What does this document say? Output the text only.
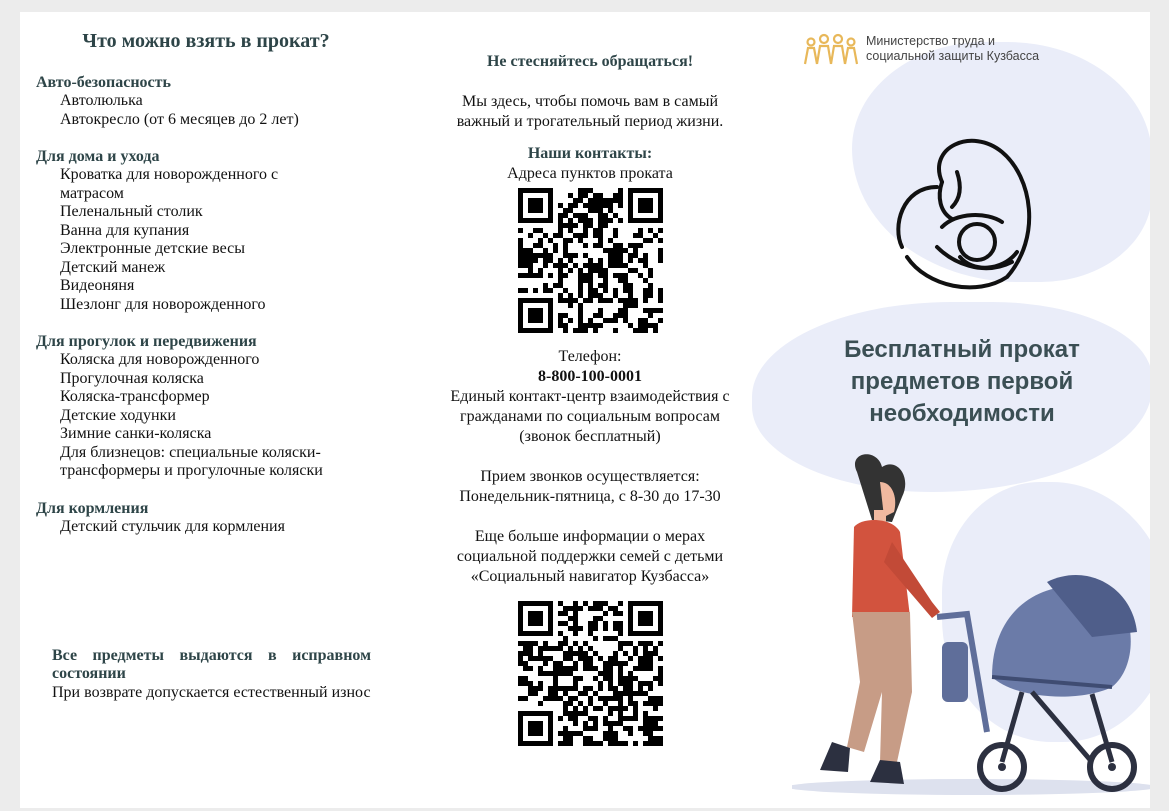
Что можно взять в прокат?
Авто-безопасность
Автолюлька
Автокресло (от 6 месяцев до 2 лет)
Для дома и ухода
Кроватка для новорожденного с
матрасом
Пеленальный столик
Ванна для купания
Электронные детские весы
Детский манеж
Видеоняня
Шезлонг для новорожденного
Для прогулок и передвижения
Коляска для новорожденного
Прогулочная коляска
Коляска-трансформер
Детские ходунки
Зимние санки-коляска
Для близнецов: специальные коляски-
трансформеры и прогулочные коляски
Для кормления
Детский стульчик для кормления
Все предметы выдаются в исправном состоянии
При возврате допускается естественный износ
Не стесняйтесь обращаться!
Мы здесь, чтобы помочь вам в самый
важный и трогательный период жизни.
Наши контакты:
Адреса пунктов проката
Телефон:
8-800-100-0001
Единый контакт-центр взаимодействия с
гражданами по социальным вопросам
(звонок бесплатный)
Прием звонков осуществляется:
Понедельник-пятница, с 8-30 до 17-30
Еще больше информации о мерах
социальной поддержки семей с детьми
«Социальный навигатор Кузбасса»
Министерство труда и
социальной защиты Кузбасса
Бесплатный прокат предметов первой необходимости
